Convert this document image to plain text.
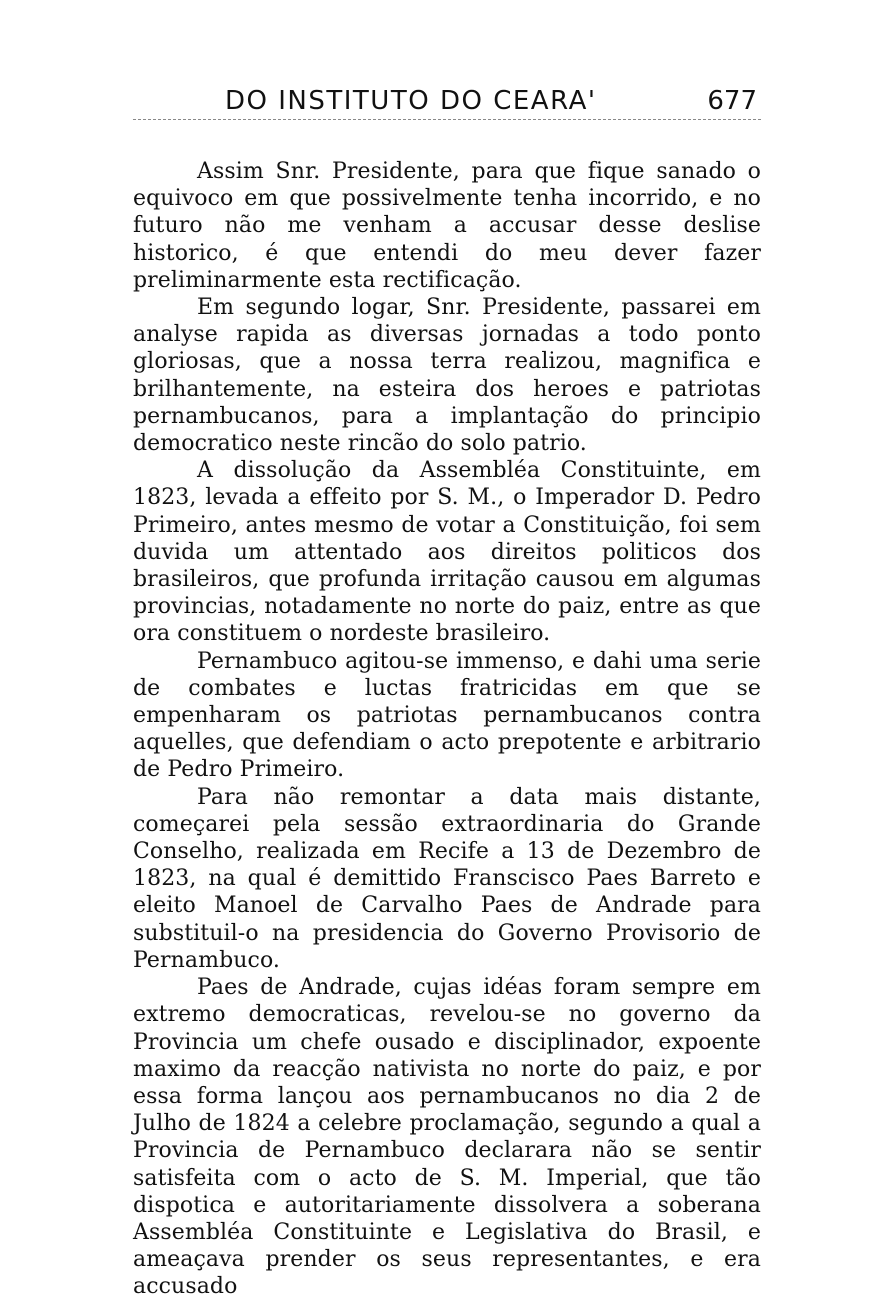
DO INSTITUTO DO CEARA'	677

Assim Snr. Presidente, para que fique sanado o equivoco em que possivelmente tenha incorrido, e no futuro não me venham a accusar desse deslise historico, é que entendi do meu dever fazer preliminarmente esta rectificação.

Em segundo logar, Snr. Presidente, passarei em analyse rapida as diversas jornadas a todo ponto gloriosas, que a nossa terra realizou, magnifica e brilhantemente, na esteira dos heroes e patriotas pernambucanos, para a implantação do principio democratico neste rincão do solo patrio.

A dissolução da Assembléa Constituinte, em 1823, levada a effeito por S. M., o Imperador D. Pedro Primeiro, antes mesmo de votar a Constituição, foi sem duvida um attentado aos direitos politicos dos brasileiros, que profunda irritação causou em algumas provincias, notadamente no norte do paiz, entre as que ora constituem o nordeste brasileiro.

Pernambuco agitou-se immenso, e dahi uma serie de combates e luctas fratricidas em que se empenharam os patriotas pernambucanos contra aquelles, que defendiam o acto prepotente e arbitrario de Pedro Primeiro.

Para não remontar a data mais distante, começarei pela sessão extraordinaria do Grande Conselho, realizada em Recife a 13 de Dezembro de 1823, na qual é demittido Franscisco Paes Barreto e eleito Manoel de Carvalho Paes de Andrade para substituil-o na presidencia do Governo Provisorio de Pernambuco.

Paes de Andrade, cujas idéas foram sempre em extremo democraticas, revelou-se no governo da Provincia um chefe ousado e disciplinador, expoente maximo da reacção nativista no norte do paiz, e por essa forma lançou aos pernambucanos no dia 2 de Julho de 1824 a celebre proclamação, segundo a qual a Provincia de Pernambuco declarara não se sentir satisfeita com o acto de S. M. Imperial, que tão dispotica e autoritariamente dissolvera a soberana Assembléa Constituinte e Legislativa do Brasil, e ameaçava prender os seus representantes, e era accusado
